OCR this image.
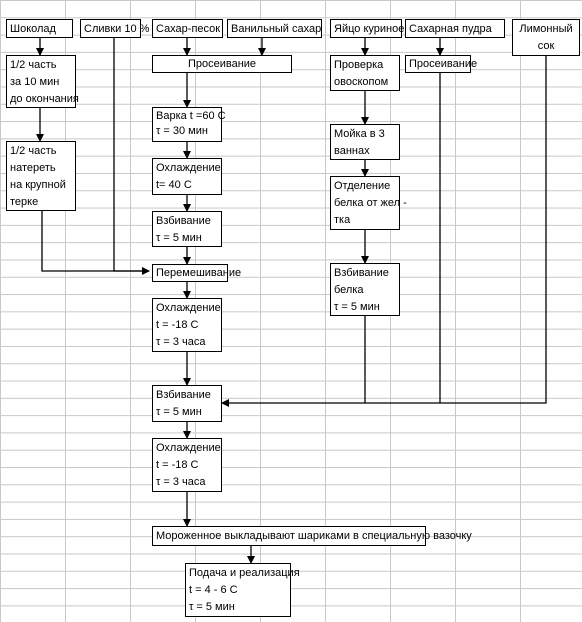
Шоколад	Сливки 10 % Сахар-песок Ванильный сахар Яйцо куриное Сахарная пудра	Лимонный
сок
1/2 часть
за 10 мин
до окончания
1/2 часть
натереть
на крупной
терке
Просеивание
Варка t =60 С
τ = 30 мин
Охлаждение
t= 40 С
Взбивание
τ = 5 мин
Перемешивание
Охлаждение
t = -18 С
τ = 3 часа
Взбивание
τ = 5 мин
Охлаждение
t = -18 С
τ = 3 часа
Мороженное выкладывают шариками в специальную вазочку
Подача и реализация
t = 4 - 6 С
τ = 5 мин
Проверка
овоскопом
Мойка в 3
ваннах
Отделение
белка от жел -
тка
Взбивание
белка
τ = 5 мин
Просеивание
